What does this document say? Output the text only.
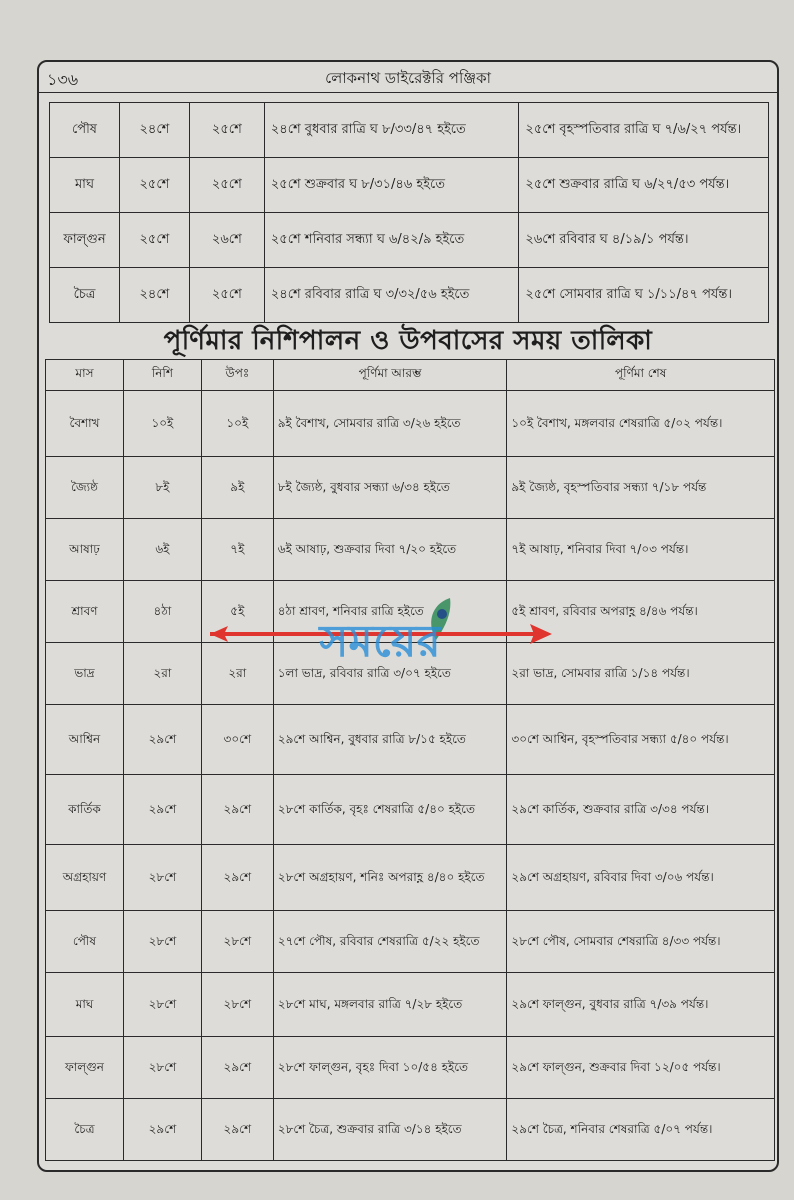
১৩৬	লোকনাথ ডাইরেক্টরি পঞ্জিকা
পৌষ	২৪শে	২৫শে	২৪শে বুধবার রাত্রি ঘ ৮/৩৩/৪৭ হইতে	২৫শে বৃহস্পতিবার রাত্রি ঘ ৭/৬/২৭ পর্যন্ত।
মাঘ	২৫শে	২৫শে	২৫শে শুক্রবার ঘ ৮/৩১/৪৬ হইতে	২৫শে শুক্রবার রাত্রি ঘ ৬/২৭/৫৩ পর্যন্ত।
ফাল্গুন	২৫শে	২৬শে	২৫শে শনিবার সন্ধ্যা ঘ ৬/৪২/৯ হইতে	২৬শে রবিবার ঘ ৪/১৯/১ পর্যন্ত।
চৈত্র	২৪শে	২৫শে	২৪শে রবিবার রাত্রি ঘ ৩/৩২/৫৬ হইতে	২৫শে সোমবার রাত্রি ঘ ১/১১/৪৭ পর্যন্ত।
পূর্ণিমার নিশিপালন ও উপবাসের সময় তালিকা
মাস	নিশি	উপঃ	পূর্ণিমা আরম্ভ	পূর্ণিমা শেষ
বৈশাখ	১০ই	১০ই	৯ই বৈশাখ, সোমবার রাত্রি ৩/২৬ হইতে	১০ই বৈশাখ, মঙ্গলবার শেষরাত্রি ৫/০২ পর্যন্ত।
জ্যৈষ্ঠ	৮ই	৯ই	৮ই জ্যৈষ্ঠ, বুধবার সন্ধ্যা ৬/৩৪ হইতে	৯ই জ্যৈষ্ঠ, বৃহস্পতিবার সন্ধ্যা ৭/১৮ পর্যন্ত
আষাঢ়	৬ই	৭ই	৬ই আষাঢ়, শুক্রবার দিবা ৭/২০ হইতে	৭ই আষাঢ়, শনিবার দিবা ৭/০৩ পর্যন্ত।
শ্রাবণ	৪ঠা	৫ই	৪ঠা শ্রাবণ, শনিবার রাত্রি হইতে	৫ই শ্রাবণ, রবিবার অপরাহ্ণ ৪/৪৬ পর্যন্ত।
ভাদ্র	২রা	২রা	১লা ভাদ্র, রবিবার রাত্রি ৩/০৭ হইতে	২রা ভাদ্র, সোমবার রাত্রি ১/১৪ পর্যন্ত।
আশ্বিন	২৯শে	৩০শে	২৯শে আশ্বিন, বুধবার রাত্রি ৮/১৫ হইতে	৩০শে আশ্বিন, বৃহস্পতিবার সন্ধ্যা ৫/৪০ পর্যন্ত।
কার্তিক	২৯শে	২৯শে	২৮শে কার্তিক, বৃহঃ শেষরাত্রি ৫/৪০ হইতে	২৯শে কার্তিক, শুক্রবার রাত্রি ৩/৩৪ পর্যন্ত।
অগ্রহায়ণ	২৮শে	২৯শে	২৮শে অগ্রহায়ণ, শনিঃ অপরাহ্ণ ৪/৪০ হইতে	২৯শে অগ্রহায়ণ, রবিবার দিবা ৩/০৬ পর্যন্ত।
পৌষ	২৮শে	২৮শে	২৭শে পৌষ, রবিবার শেষরাত্রি ৫/২২ হইতে	২৮শে পৌষ, সোমবার শেষরাত্রি ৪/৩৩ পর্যন্ত।
মাঘ	২৮শে	২৮শে	২৮শে মাঘ, মঙ্গলবার রাত্রি ৭/২৮ হইতে	২৯শে ফাল্গুন, বুধবার রাত্রি ৭/৩৯ পর্যন্ত।
ফাল্গুন	২৮শে	২৯শে	২৮শে ফাল্গুন, বৃহঃ দিবা ১০/৫৪ হইতে	২৯শে ফাল্গুন, শুক্রবার দিবা ১২/০৫ পর্যন্ত।
চৈত্র	২৯শে	২৯শে	২৮শে চৈত্র, শুক্রবার রাত্রি ৩/১৪ হইতে	২৯শে চৈত্র, শনিবার শেষরাত্রি ৫/০৭ পর্যন্ত।
সময়ের
